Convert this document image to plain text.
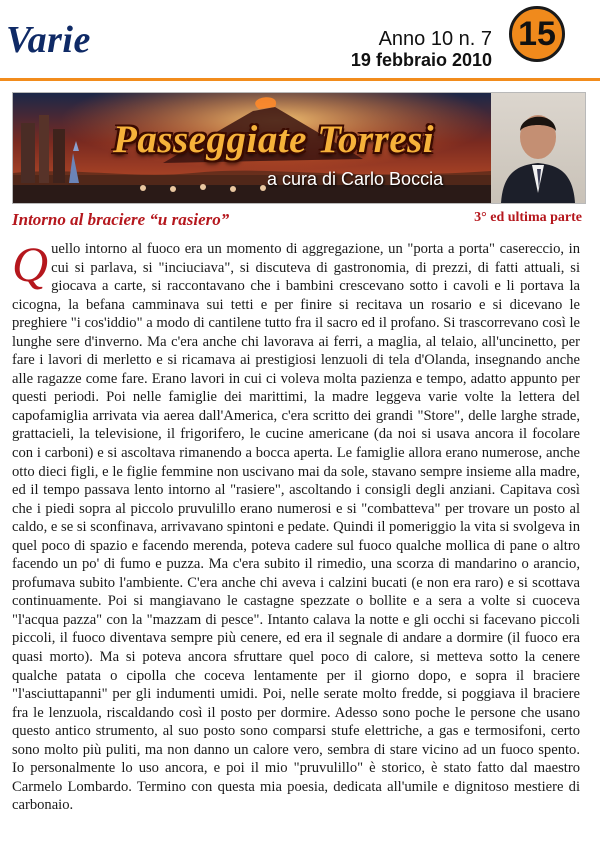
Varie	Anno 10 n. 7
19 febbraio 2010
15
Passeggiate Torresi
a cura di Carlo Boccia
Intorno al braciere “u rasiero”	3° ed ultima parte
Quello intorno al fuoco era un momento di aggregazione, un "porta a porta" casereccio, in cui si parlava, si "inciuciava", si discuteva di gastronomia, di prezzi, di fatti attuali, si giocava a carte, si raccontavano che i bambini crescevano sotto i cavoli e li portava la cicogna, la befana camminava sui tetti e per finire si recitava un rosario e si dicevano le preghiere "i cos'iddio" a modo di cantilene tutto fra il sacro ed il profano. Si trascorrevano così le lunghe sere d'inverno. Ma c'era anche chi lavorava ai ferri, a maglia, al telaio, all'uncinetto, per fare i lavori di merletto e si ricamava ai prestigiosi lenzuoli di tela d'Olanda, insegnando anche alle ragazze come fare. Erano lavori in cui ci voleva molta pazienza e tempo, adatto appunto per questi periodi. Poi nelle famiglie dei marittimi, la madre leggeva varie volte la lettera del capofamiglia arrivata via aerea dall'America, c'era scritto dei grandi "Store", delle larghe strade, grattacieli, la televisione, il frigorifero, le cucine americane (da noi si usava ancora il focolare con i carboni) e si ascoltava rimanendo a bocca aperta. Le famiglie allora erano numerose, anche otto dieci figli, e le figlie femmine non uscivano mai da sole, stavano sempre insieme alla madre, ed il tempo passava lento intorno al "rasiere", ascoltando i consigli degli anziani. Capitava così che i piedi sopra al piccolo pruvulillo erano numerosi e si "combatteva" per trovare un posto al caldo, e se si sconfinava, arrivavano spintoni e pedate. Quindi il pomeriggio la vita si svolgeva in quel poco di spazio e facendo merenda, poteva cadere sul fuoco qualche mollica di pane o altro facendo un po' di fumo e puzza. Ma c'era subito il rimedio, una scorza di mandarino o arancio, profumava subito l'ambiente. C'era anche chi aveva i calzini bucati (e non era raro) e si scottava continuamente. Poi si mangiavano le castagne spezzate o bollite e a sera a volte si cuoceva "l'acqua pazza" con la "mazzam di pesce". Intanto calava la notte e gli occhi si facevano piccoli piccoli, il fuoco diventava sempre più cenere, ed era il segnale di andare a dormire (il fuoco era quasi morto). Ma si poteva ancora sfruttare quel poco di calore, si metteva sotto la cenere qualche patata o cipolla che coceva lentamente per il giorno dopo, e sopra il braciere "l'asciuttapanni" per gli indumenti umidi. Poi, nelle serate molto fredde, si poggiava il braciere fra le lenzuola, riscaldando così il posto per dormire. Adesso sono poche le persone che usano questo antico strumento, al suo posto sono comparsi stufe elettriche, a gas e termosifoni, certo sono molto più puliti, ma non danno un calore vero, sembra di stare vicino ad un fuoco spento. Io personalmente lo uso ancora, e poi il mio "pruvulillo" è storico, è stato fatto dal maestro Carmelo Lombardo. Termino con questa mia poesia, dedicata all'umile e dignitoso mestiere di carbonaio.
